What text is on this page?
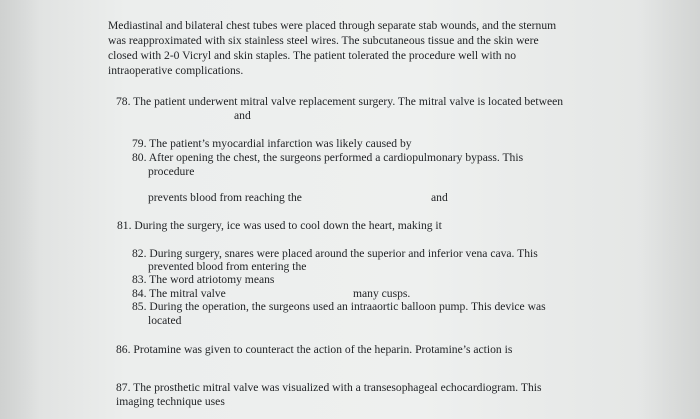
Mediastinal and bilateral chest tubes were placed through separate stab wounds, and the sternum
was reapproximated with six stainless steel wires. The subcutaneous tissue and the skin were
closed with 2-0 Vicryl and skin staples. The patient tolerated the procedure well with no
intraoperative complications.
78. The patient underwent mitral valve replacement surgery. The mitral valve is located between
and
79. The patient’s myocardial infarction was likely caused by
80. After opening the chest, the surgeons performed a cardiopulmonary bypass. This
procedure
prevents blood from reaching the	and
81. During the surgery, ice was used to cool down the heart, making it
82. During surgery, snares were placed around the superior and inferior vena cava. This
prevented blood from entering the
83. The word atriotomy means
84. The mitral valve	many cusps.
85. During the operation, the surgeons used an intraaortic balloon pump. This device was
located
86. Protamine was given to counteract the action of the heparin. Protamine’s action is
87. The prosthetic mitral valve was visualized with a transesophageal echocardiogram. This
imaging technique uses
